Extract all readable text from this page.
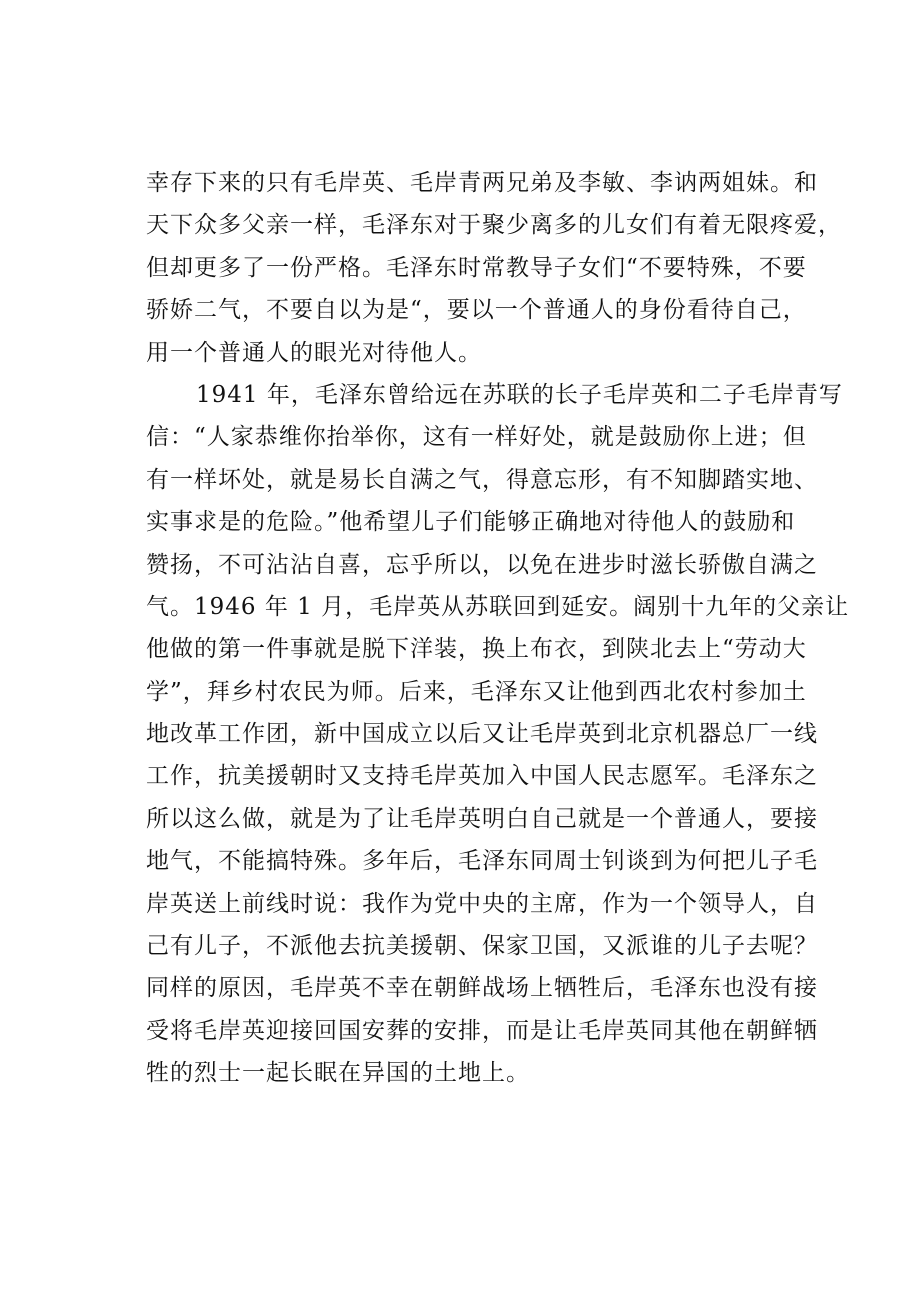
幸存下来的只有毛岸英、毛岸青两兄弟及李敏、李讷两姐妹。和
天下众多父亲一样，毛泽东对于聚少离多的儿女们有着无限疼爱，
但却更多了一份严格。毛泽东时常教导子女们“不要特殊，不要
骄娇二气，不要自以为是“，要以一个普通人的身份看待自己，
用一个普通人的眼光对待他人。
1941 年，毛泽东曾给远在苏联的长子毛岸英和二子毛岸青写
信：“人家恭维你抬举你，这有一样好处，就是鼓励你上进；但
有一样坏处，就是易长自满之气，得意忘形，有不知脚踏实地、
实事求是的危险。”他希望儿子们能够正确地对待他人的鼓励和
赞扬，不可沾沾自喜，忘乎所以，以免在进步时滋长骄傲自满之
气。1946 年 1 月，毛岸英从苏联回到延安。阔别十九年的父亲让
他做的第一件事就是脱下洋装，换上布衣，到陕北去上“劳动大
学”，拜乡村农民为师。后来，毛泽东又让他到西北农村参加土
地改革工作团，新中国成立以后又让毛岸英到北京机器总厂一线
工作，抗美援朝时又支持毛岸英加入中国人民志愿军。毛泽东之
所以这么做，就是为了让毛岸英明白自己就是一个普通人，要接
地气，不能搞特殊。多年后，毛泽东同周士钊谈到为何把儿子毛
岸英送上前线时说：我作为党中央的主席，作为一个领导人，自
己有儿子，不派他去抗美援朝、保家卫国，又派谁的儿子去呢？
同样的原因，毛岸英不幸在朝鲜战场上牺牲后，毛泽东也没有接
受将毛岸英迎接回国安葬的安排，而是让毛岸英同其他在朝鲜牺
牲的烈士一起长眠在异国的土地上。
